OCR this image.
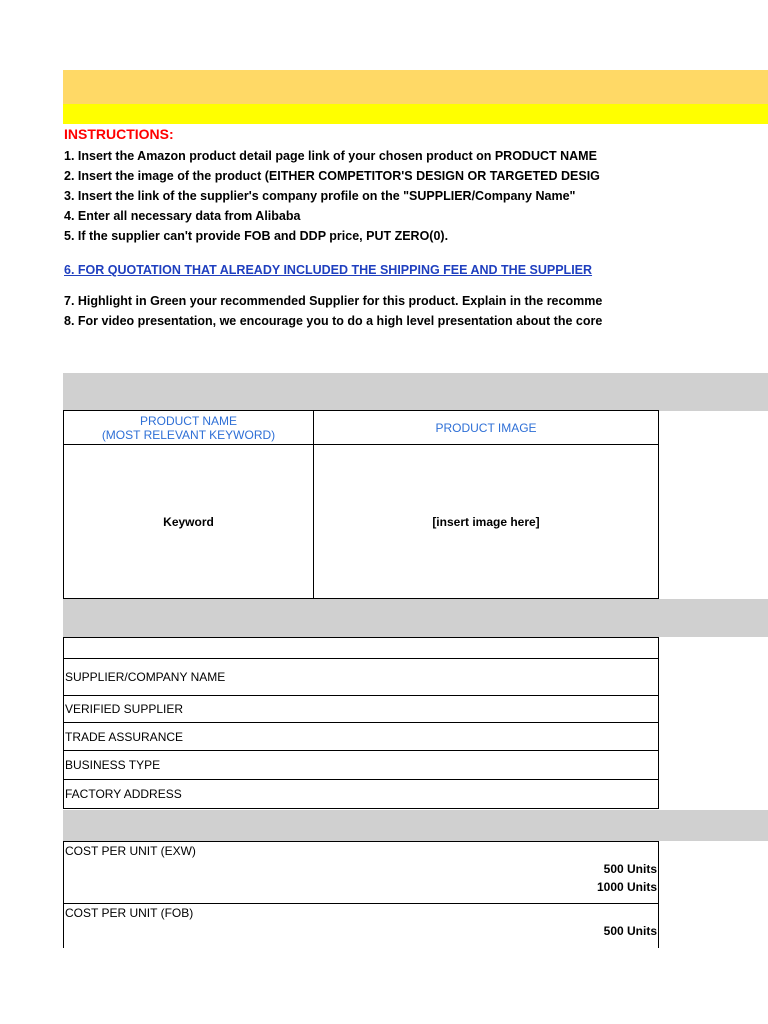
INSTRUCTIONS:
1. Insert the Amazon product detail page link of your chosen product on PRODUCT NAME
2. Insert the image of the product (EITHER COMPETITOR'S DESIGN OR TARGETED DESIG
3. Insert the link of the supplier's company profile on the "SUPPLIER/Company Name"
4. Enter all necessary data from Alibaba
5. If the supplier can't provide FOB and DDP price, PUT ZERO(0).
6. FOR QUOTATION THAT ALREADY INCLUDED THE SHIPPING FEE AND THE SUPPLIER
7. Highlight in Green your recommended Supplier for this product. Explain in the recomme
8. For video presentation, we encourage you to do a high level presentation about the core
PRODUCT NAME
(MOST RELEVANT KEYWORD)	PRODUCT IMAGE
Keyword	[insert image here]

SUPPLIER/COMPANY NAME
VERIFIED SUPPLIER
TRADE ASSURANCE
BUSINESS TYPE
FACTORY ADDRESS
COST PER UNIT (EXW)
500 Units
1000 Units

COST PER UNIT (FOB)
500 Units
